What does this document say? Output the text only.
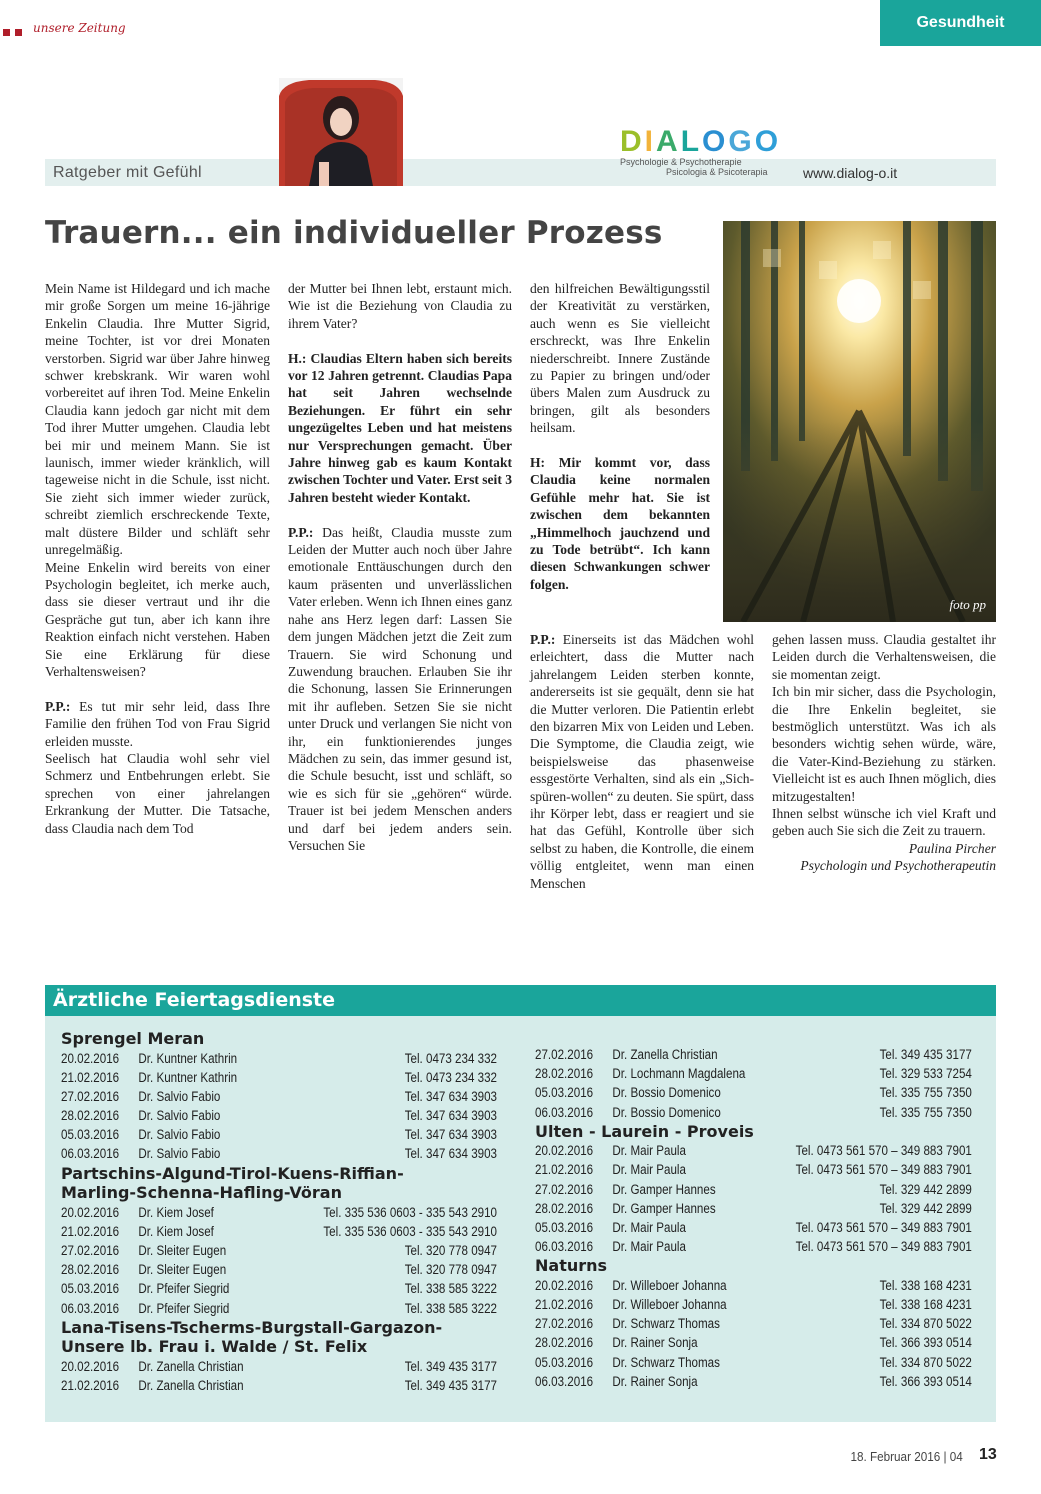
unsere Zeitung	Gesundheit
Ratgeber mit Gefühl
DIALOGO
Psychologie & Psychotherapie
Psicologia & Psicoterapia	www.dialog-o.it
Trauern... ein individueller Prozess
foto pp

Mein Name ist Hildegard und ich mache mir große Sorgen um meine 16-jährige Enkelin Claudia. Ihre Mutter Sigrid, meine Tochter, ist vor drei Monaten verstorben. Sigrid war über Jahre hinweg schwer krebskrank. Wir waren wohl vorbereitet auf ihren Tod. Meine Enkelin Claudia kann jedoch gar nicht mit dem Tod ihrer Mutter umgehen. Claudia lebt bei mir und meinem Mann. Sie ist launisch, immer wieder kränklich, will tageweise nicht in die Schule, isst nicht. Sie zieht sich immer wieder zurück, schreibt ziemlich erschreckende Texte, malt düstere Bilder und schläft sehr unregelmäßig.

Meine Enkelin wird bereits von einer Psychologin begleitet, ich merke auch, dass sie dieser vertraut und ihr die Gespräche gut tun, aber ich kann ihre Reaktion einfach nicht verstehen. Haben Sie eine Erklärung für diese Verhaltensweisen?

P.P.: Es tut mir sehr leid, dass Ihre Familie den frühen Tod von Frau Sigrid erleiden musste.

Seelisch hat Claudia wohl sehr viel Schmerz und Entbehrungen erlebt. Sie sprechen von einer jahrelangen Erkrankung der Mutter. Die Tatsache, dass Claudia nach dem Tod

der Mutter bei Ihnen lebt, erstaunt mich. Wie ist die Beziehung von Claudia zu ihrem Vater?

H.: Claudias Eltern haben sich bereits vor 12 Jahren getrennt. Claudias Papa hat seit Jahren wechselnde Beziehungen. Er führt ein sehr ungezügeltes Leben und hat meistens nur Versprechungen gemacht. Über Jahre hinweg gab es kaum Kontakt zwischen Tochter und Vater. Erst seit 3 Jahren besteht wieder Kontakt.

P.P.: Das heißt, Claudia musste zum Leiden der Mutter auch noch über Jahre emotionale Enttäuschungen durch den kaum präsenten und unverlässlichen Vater erleben. Wenn ich Ihnen eines ganz nahe ans Herz legen darf: Lassen Sie dem jungen Mädchen jetzt die Zeit zum Trauern. Sie wird Schonung und Zuwendung brauchen. Erlauben Sie ihr die Schonung, lassen Sie Erinnerungen mit ihr aufleben. Setzen Sie sie nicht unter Druck und verlangen Sie nicht von ihr, ein funktionierendes junges Mädchen zu sein, das immer gesund ist, die Schule besucht, isst und schläft, so wie es sich für sie „gehören“ würde. Trauer ist bei jedem Menschen anders und darf bei jedem anders sein. Versuchen Sie

den hilfreichen Bewältigungsstil der Kreativität zu verstärken, auch wenn es Sie vielleicht erschreckt, was Ihre Enkelin niederschreibt. Innere Zustände zu Papier zu bringen und/oder übers Malen zum Ausdruck zu bringen, gilt als besonders heilsam.

H: Mir kommt vor, dass Claudia keine normalen Gefühle mehr hat. Sie ist zwischen dem bekannten „Himmelhoch jauchzend und zu Tode betrübt“. Ich kann diesen Schwankungen schwer folgen.

P.P.: Einerseits ist das Mädchen wohl erleichtert, dass die Mutter nach jahrelangem Leiden sterben konnte, andererseits ist sie gequält, denn sie hat die Mutter verloren. Die Patientin erlebt den bizarren Mix von Leiden und Leben. Die Symptome, die Claudia zeigt, wie beispielsweise das phasenweise essgestörte Verhalten, sind als ein „Sich-spüren-wollen“ zu deuten. Sie spürt, dass ihr Körper lebt, dass er reagiert und sie hat das Gefühl, Kontrolle über sich selbst zu haben, die Kontrolle, die einem völlig entgleitet, wenn man einen Menschen

gehen lassen muss. Claudia gestaltet ihr Leiden durch die Verhaltensweisen, die sie momentan zeigt.

Ich bin mir sicher, dass die Psychologin, die Ihre Enkelin begleitet, sie bestmöglich unterstützt. Was ich als besonders wichtig sehen würde, wäre, die Vater-Kind-Beziehung zu stärken. Vielleicht ist es auch Ihnen möglich, dies mitzugestalten!

Ihnen selbst wünsche ich viel Kraft und geben auch Sie sich die Zeit zu trauern.

Paulina Pircher

Psychologin und Psychotherapeutin

Ärztliche Feiertagsdienste
Sprengel Meran
20.02.2016 Dr. Kuntner Kathrin	Tel. 0473 234 332
21.02.2016 Dr. Kuntner Kathrin	Tel. 0473 234 332
27.02.2016 Dr. Salvio Fabio	Tel. 347 634 3903
28.02.2016 Dr. Salvio Fabio	Tel. 347 634 3903
05.03.2016 Dr. Salvio Fabio	Tel. 347 634 3903
06.03.2016 Dr. Salvio Fabio	Tel. 347 634 3903
Partschins-Algund-Tirol-Kuens-Riffian-
Marling-Schenna-Hafling-Vöran
20.02.2016 Dr. Kiem Josef	Tel. 335 536 0603 - 335 543 2910
21.02.2016 Dr. Kiem Josef	Tel. 335 536 0603 - 335 543 2910
27.02.2016 Dr. Sleiter Eugen	Tel. 320 778 0947
28.02.2016 Dr. Sleiter Eugen	Tel. 320 778 0947
05.03.2016 Dr. Pfeifer Siegrid	Tel. 338 585 3222
06.03.2016 Dr. Pfeifer Siegrid	Tel. 338 585 3222
Lana-Tisens-Tscherms-Burgstall-Gargazon-
Unsere lb. Frau i. Walde / St. Felix
20.02.2016 Dr. Zanella Christian	Tel. 349 435 3177
21.02.2016 Dr. Zanella Christian	Tel. 349 435 3177
27.02.2016 Dr. Zanella Christian	Tel. 349 435 3177
28.02.2016 Dr. Lochmann Magdalena	Tel. 329 533 7254
05.03.2016 Dr. Bossio Domenico	Tel. 335 755 7350
06.03.2016 Dr. Bossio Domenico	Tel. 335 755 7350
Ulten - Laurein - Proveis
20.02.2016 Dr. Mair Paula	Tel. 0473 561 570 – 349 883 7901
21.02.2016 Dr. Mair Paula	Tel. 0473 561 570 – 349 883 7901
27.02.2016 Dr. Gamper Hannes	Tel. 329 442 2899
28.02.2016 Dr. Gamper Hannes	Tel. 329 442 2899
05.03.2016 Dr. Mair Paula	Tel. 0473 561 570 – 349 883 7901
06.03.2016 Dr. Mair Paula	Tel. 0473 561 570 – 349 883 7901
Naturns
20.02.2016 Dr. Willeboer Johanna	Tel. 338 168 4231
21.02.2016 Dr. Willeboer Johanna	Tel. 338 168 4231
27.02.2016 Dr. Schwarz Thomas	Tel. 334 870 5022
28.02.2016 Dr. Rainer Sonja	Tel. 366 393 0514
05.03.2016 Dr. Schwarz Thomas	Tel. 334 870 5022
06.03.2016 Dr. Rainer Sonja	Tel. 366 393 0514
18. Februar 2016 | 04 13
